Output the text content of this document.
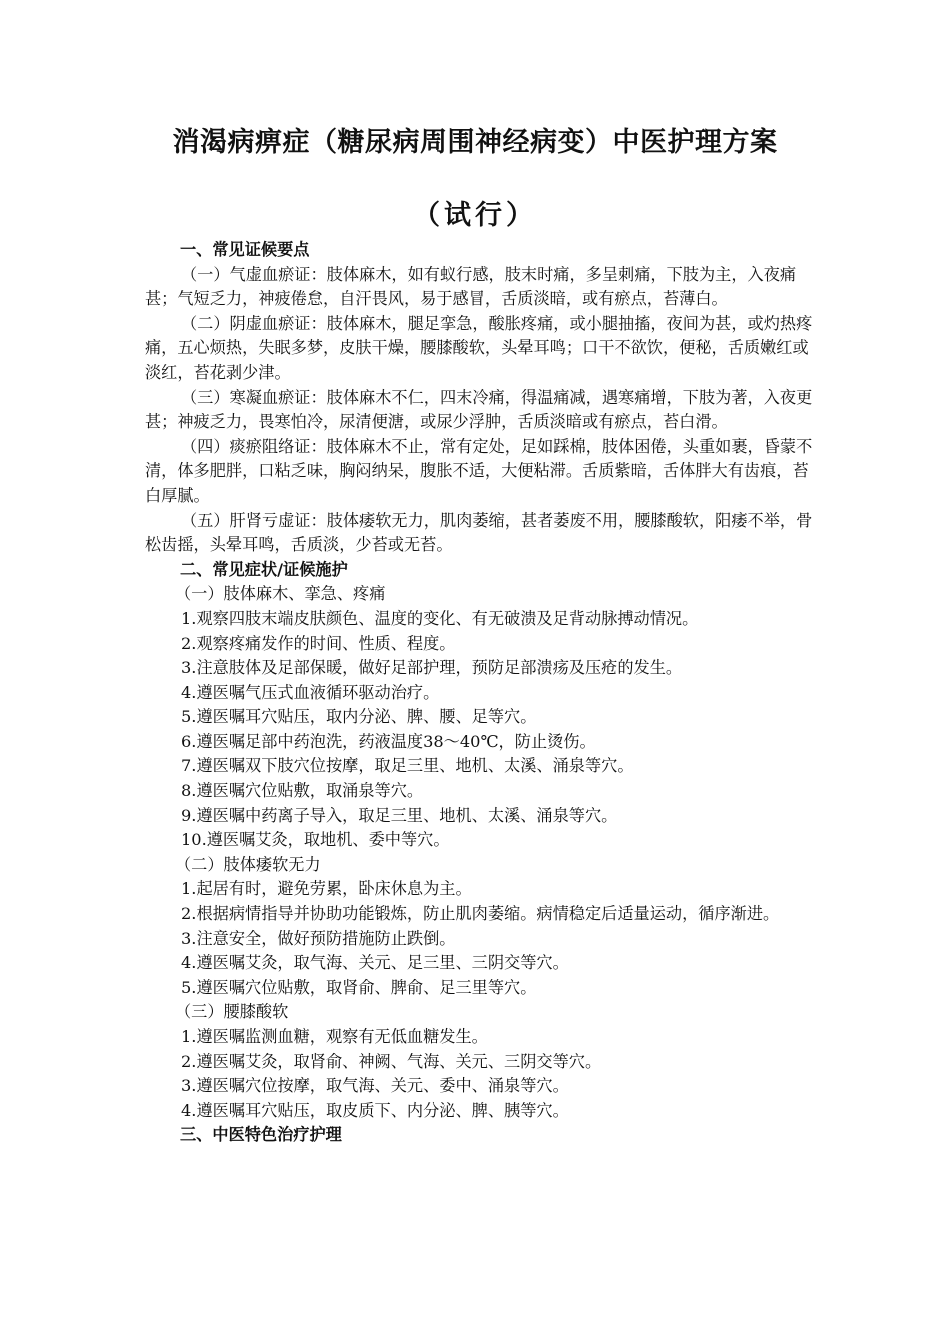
消渴病痹症（糖尿病周围神经病变）中医护理方案
（试行）

一、常见证候要点

（一）气虚血瘀证：肢体麻木，如有蚁行感，肢末时痛，多呈刺痛，下肢为主，入夜痛甚；气短乏力，神疲倦怠，自汗畏风，易于感冒，舌质淡暗，或有瘀点，苔薄白。

（二）阴虚血瘀证：肢体麻木，腿足挛急，酸胀疼痛，或小腿抽搐，夜间为甚，或灼热疼痛，五心烦热，失眠多梦，皮肤干燥，腰膝酸软，头晕耳鸣；口干不欲饮，便秘，舌质嫩红或淡红，苔花剥少津。

（三）寒凝血瘀证：肢体麻木不仁，四末冷痛，得温痛减，遇寒痛增，下肢为著，入夜更甚；神疲乏力，畏寒怕冷，尿清便溏，或尿少浮肿，舌质淡暗或有瘀点，苔白滑。

（四）痰瘀阻络证：肢体麻木不止，常有定处，足如踩棉，肢体困倦，头重如裹，昏蒙不清，体多肥胖，口粘乏味，胸闷纳呆，腹胀不适，大便粘滞。舌质紫暗，舌体胖大有齿痕，苔白厚腻。

（五）肝肾亏虚证：肢体痿软无力，肌肉萎缩，甚者萎废不用，腰膝酸软，阳痿不举，骨松齿摇，头晕耳鸣，舌质淡，少苔或无苔。

二、常见症状/证候施护

（一）肢体麻木、挛急、疼痛

1.观察四肢末端皮肤颜色、温度的变化、有无破溃及足背动脉搏动情况。

2.观察疼痛发作的时间、性质、程度。

3.注意肢体及足部保暖，做好足部护理，预防足部溃疡及压疮的发生。

4.遵医嘱气压式血液循环驱动治疗。

5.遵医嘱耳穴贴压，取内分泌、脾、腰、足等穴。

6.遵医嘱足部中药泡洗，药液温度38～40℃，防止烫伤。

7.遵医嘱双下肢穴位按摩，取足三里、地机、太溪、涌泉等穴。

8.遵医嘱穴位贴敷，取涌泉等穴。

9.遵医嘱中药离子导入，取足三里、地机、太溪、涌泉等穴。

10.遵医嘱艾灸，取地机、委中等穴。

（二）肢体痿软无力

1.起居有时，避免劳累，卧床休息为主。

2.根据病情指导并协助功能锻炼，防止肌肉萎缩。病情稳定后适量运动，循序渐进。

3.注意安全，做好预防措施防止跌倒。

4.遵医嘱艾灸，取气海、关元、足三里、三阴交等穴。

5.遵医嘱穴位贴敷，取肾俞、脾俞、足三里等穴。

（三）腰膝酸软

1.遵医嘱监测血糖，观察有无低血糖发生。

2.遵医嘱艾灸，取肾俞、神阙、气海、关元、三阴交等穴。

3.遵医嘱穴位按摩，取气海、关元、委中、涌泉等穴。

4.遵医嘱耳穴贴压，取皮质下、内分泌、脾、胰等穴。

三、中医特色治疗护理
